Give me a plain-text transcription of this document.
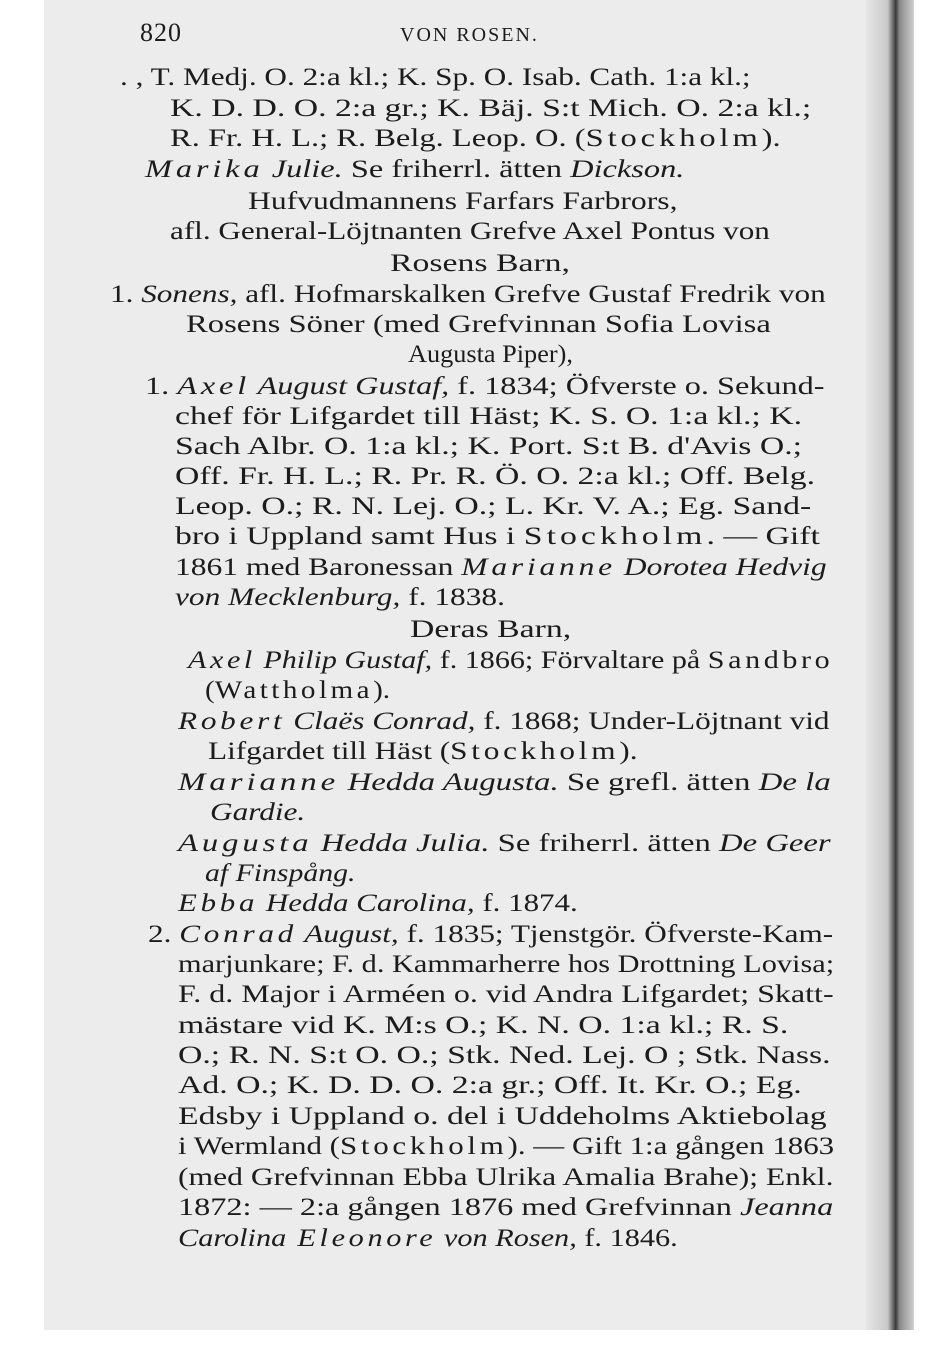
820	VON ROSEN.
. , T. Medj. O. 2:a kl.; K. Sp. O. Isab. Cath. 1:a kl.;
K. D. D. O. 2:a gr.; K. Bäj. S:t Mich. O. 2:a kl.;
R. Fr. H. L.; R. Belg. Leop. O. (Stockholm).
Marika Julie. Se friherrl. ätten Dickson.
Hufvudmannens Farfars Farbrors,
afl. General-Löjtnanten Grefve Axel Pontus von
Rosens Barn,
1. Sonens, afl. Hofmarskalken Grefve Gustaf Fredrik von
Rosens Söner (med Grefvinnan Sofia Lovisa
Augusta Piper),
1. Axel August Gustaf, f. 1834; Öfverste o. Sekund-
chef för Lifgardet till Häst; K. S. O. 1:a kl.; K.
Sach Albr. O. 1:a kl.; K. Port. S:t B. d'Avis O.;
Off. Fr. H. L.; R. Pr. R. Ö. O. 2:a kl.; Off. Belg.
Leop. O.; R. N. Lej. O.; L. Kr. V. A.; Eg. Sand-
bro i Uppland samt Hus i Stockholm. — Gift
1861 med Baronessan Marianne Dorotea Hedvig
von Mecklenburg, f. 1838.
Deras Barn,
Axel Philip Gustaf, f. 1866; Förvaltare på Sandbro
(Wattholma).
Robert Claës Conrad, f. 1868; Under-Löjtnant vid
Lifgardet till Häst (Stockholm).
Marianne Hedda Augusta. Se grefl. ätten De la
Gardie.
Augusta Hedda Julia. Se friherrl. ätten De Geer
af Finspång.
Ebba Hedda Carolina, f. 1874.
2. Conrad August, f. 1835; Tjenstgör. Öfverste-Kam-
marjunkare; F. d. Kammarherre hos Drottning Lovisa;
F. d. Major i Arméen o. vid Andra Lifgardet; Skatt-
mästare vid K. M:s O.; K. N. O. 1:a kl.; R. S.
O.; R. N. S:t O. O.; Stk. Ned. Lej. O ; Stk. Nass.
Ad. O.; K. D. D. O. 2:a gr.; Off. It. Kr. O.; Eg.
Edsby i Uppland o. del i Uddeholms Aktiebolag
i Wermland (Stockholm). — Gift 1:a gången 1863
(med Grefvinnan Ebba Ulrika Amalia Brahe); Enkl.
1872: — 2:a gången 1876 med Grefvinnan Jeanna
Carolina Eleonore von Rosen, f. 1846.
